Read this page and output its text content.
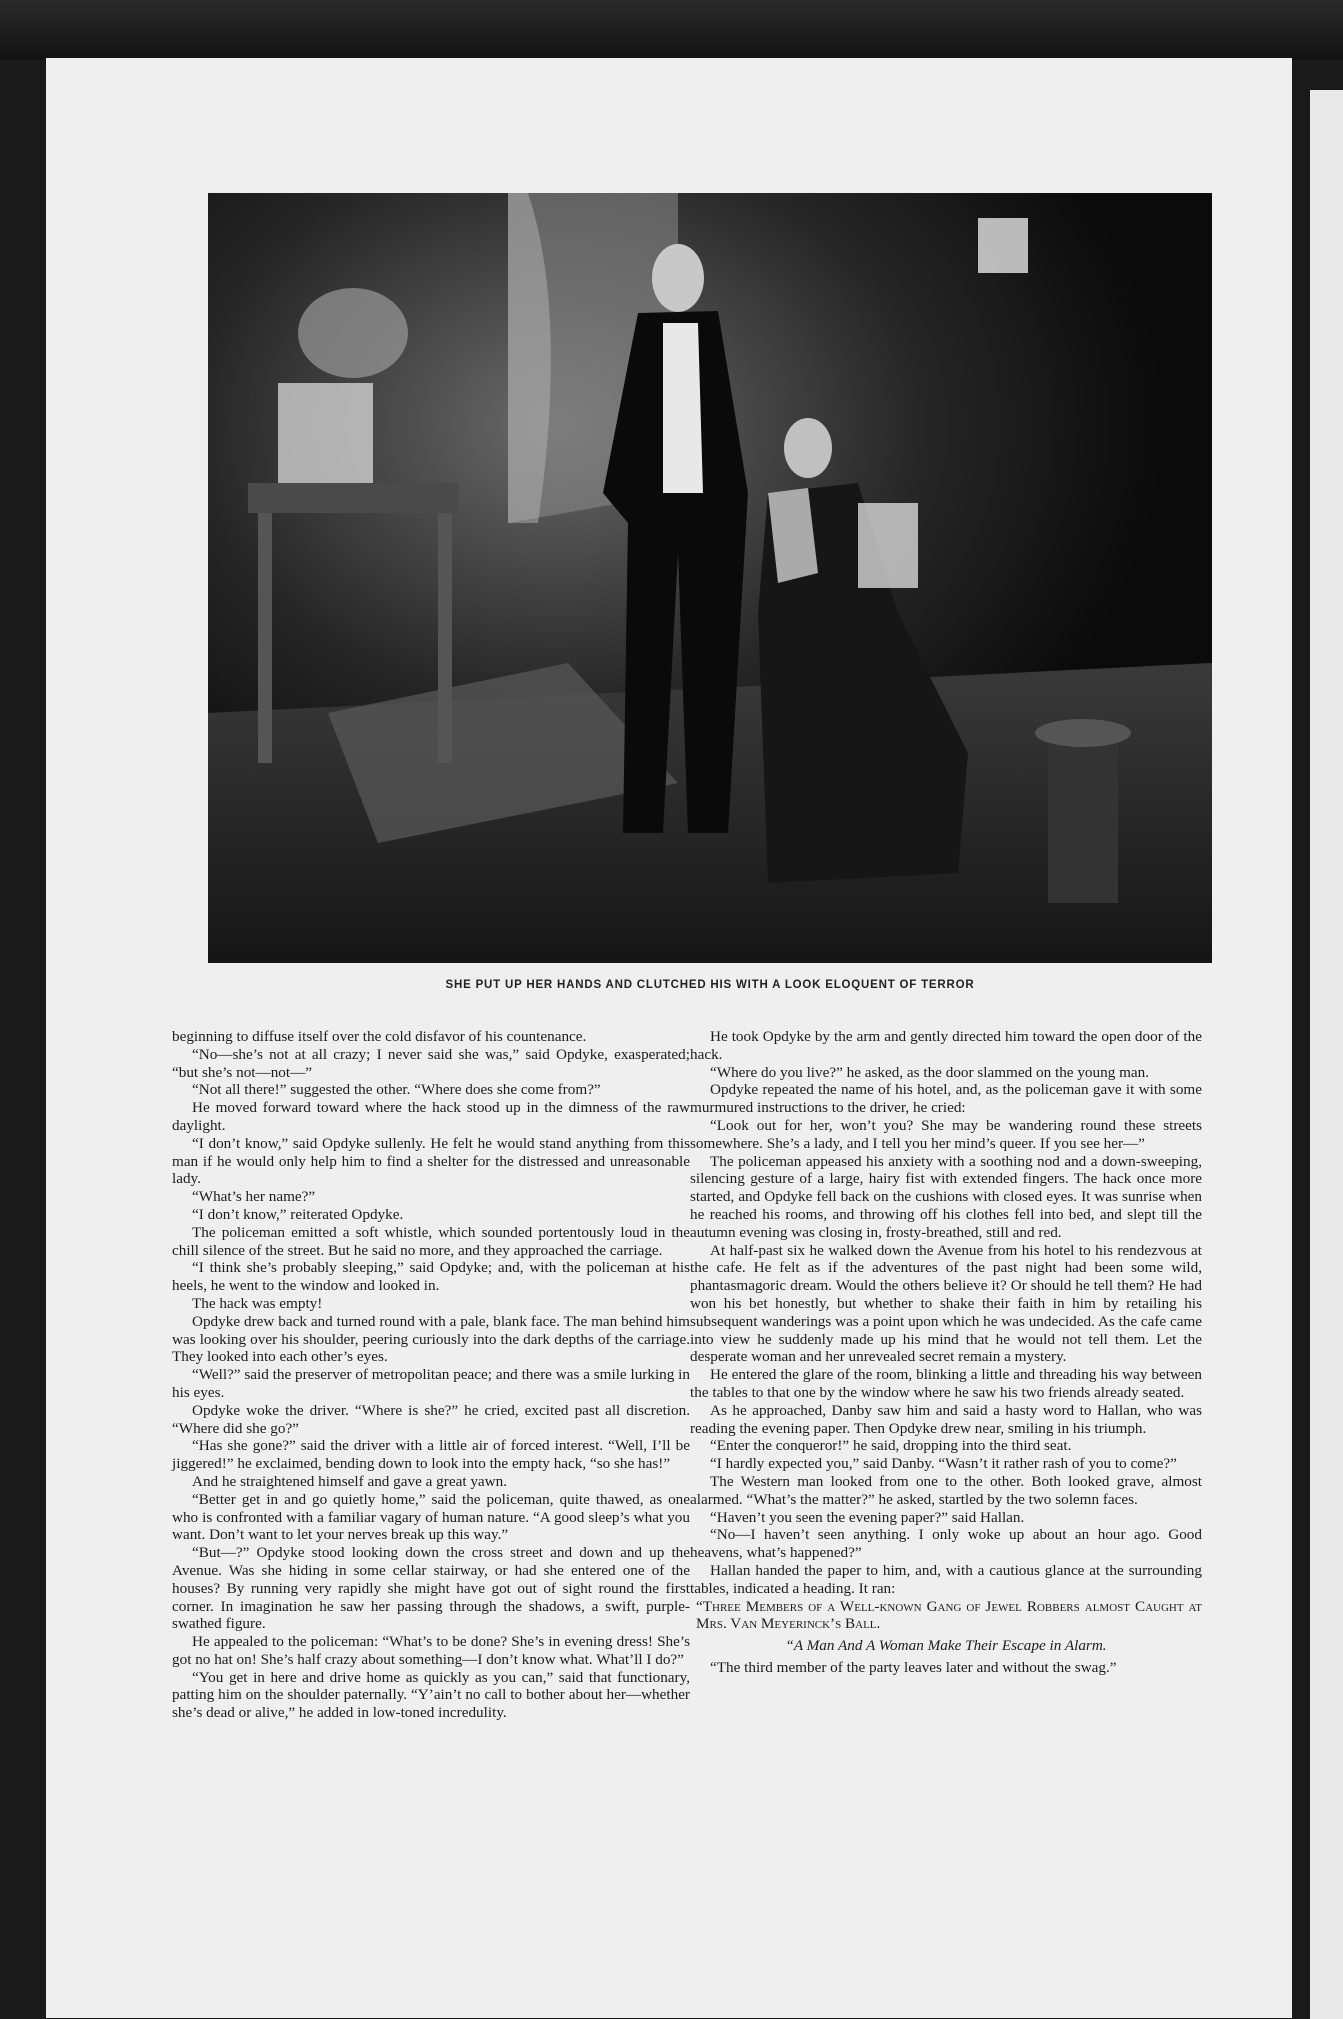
SHE PUT UP HER HANDS AND CLUTCHED HIS WITH A LOOK ELOQUENT OF TERROR

beginning to diffuse itself over the cold disfavor of his countenance.

“No—she’s not at all crazy; I never said she was,” said Opdyke, exasperated; “but she’s not—not—”

“Not all there!” suggested the other. “Where does she come from?”

He moved forward toward where the hack stood up in the dimness of the raw daylight.

“I don’t know,” said Opdyke sullenly. He felt he would stand anything from this man if he would only help him to find a shelter for the distressed and unreasonable lady.

“What’s her name?”

“I don’t know,” reiterated Opdyke.

The policeman emitted a soft whistle, which sounded portentously loud in the chill silence of the street. But he said no more, and they approached the carriage.

“I think she’s probably sleeping,” said Opdyke; and, with the policeman at his heels, he went to the window and looked in.

The hack was empty!

Opdyke drew back and turned round with a pale, blank face. The man behind him was looking over his shoulder, peering curiously into the dark depths of the carriage. They looked into each other’s eyes.

“Well?” said the preserver of metropolitan peace; and there was a smile lurking in his eyes.

Opdyke woke the driver. “Where is she?” he cried, excited past all discretion. “Where did she go?”

“Has she gone?” said the driver with a little air of forced interest. “Well, I’ll be jiggered!” he exclaimed, bending down to look into the empty hack, “so she has!”

And he straightened himself and gave a great yawn.

“Better get in and go quietly home,” said the policeman, quite thawed, as one who is confronted with a familiar vagary of human nature. “A good sleep’s what you want. Don’t want to let your nerves break up this way.”

“But—?” Opdyke stood looking down the cross street and down and up the Avenue. Was she hiding in some cellar stairway, or had she entered one of the houses? By running very rapidly she might have got out of sight round the first corner. In imagination he saw her passing through the shadows, a swift, purple-swathed figure.

He appealed to the policeman: “What’s to be done? She’s in evening dress! She’s got no hat on! She’s half crazy about something—I don’t know what. What’ll I do?”

“You get in here and drive home as quickly as you can,” said that functionary, patting him on the shoulder paternally. “Y’ain’t no call to bother about her—whether she’s dead or alive,” he added in low-toned incredulity.

He took Opdyke by the arm and gently directed him toward the open door of the hack.

“Where do you live?” he asked, as the door slammed on the young man.

Opdyke repeated the name of his hotel, and, as the policeman gave it with some murmured instructions to the driver, he cried:

“Look out for her, won’t you? She may be wandering round these streets somewhere. She’s a lady, and I tell you her mind’s queer. If you see her—”

The policeman appeased his anxiety with a soothing nod and a down-sweeping, silencing gesture of a large, hairy fist with extended fingers. The hack once more started, and Opdyke fell back on the cushions with closed eyes. It was sunrise when he reached his rooms, and throwing off his clothes fell into bed, and slept till the autumn evening was closing in, frosty-breathed, still and red.

At half-past six he walked down the Avenue from his hotel to his rendezvous at the cafe. He felt as if the adventures of the past night had been some wild, phantasmagoric dream. Would the others believe it? Or should he tell them? He had won his bet honestly, but whether to shake their faith in him by retailing his subsequent wanderings was a point upon which he was undecided. As the cafe came into view he suddenly made up his mind that he would not tell them. Let the desperate woman and her unrevealed secret remain a mystery.

He entered the glare of the room, blinking a little and threading his way between the tables to that one by the window where he saw his two friends already seated.

As he approached, Danby saw him and said a hasty word to Hallan, who was reading the evening paper. Then Opdyke drew near, smiling in his triumph.

“Enter the conqueror!” he said, dropping into the third seat.

“I hardly expected you,” said Danby. “Wasn’t it rather rash of you to come?”

The Western man looked from one to the other. Both looked grave, almost alarmed. “What’s the matter?” he asked, startled by the two solemn faces.

“Haven’t you seen the evening paper?” said Hallan.

“No—I haven’t seen anything. I only woke up about an hour ago. Good heavens, what’s happened?”

Hallan handed the paper to him, and, with a cautious glance at the surrounding tables, indicated a heading. It ran:

“Three Members of a Well-known Gang of Jewel Robbers almost Caught at Mrs. Van Meyerinck’s Ball.

“A Man And A Woman Make Their Escape in Alarm.

“The third member of the party leaves later and without the swag.”
